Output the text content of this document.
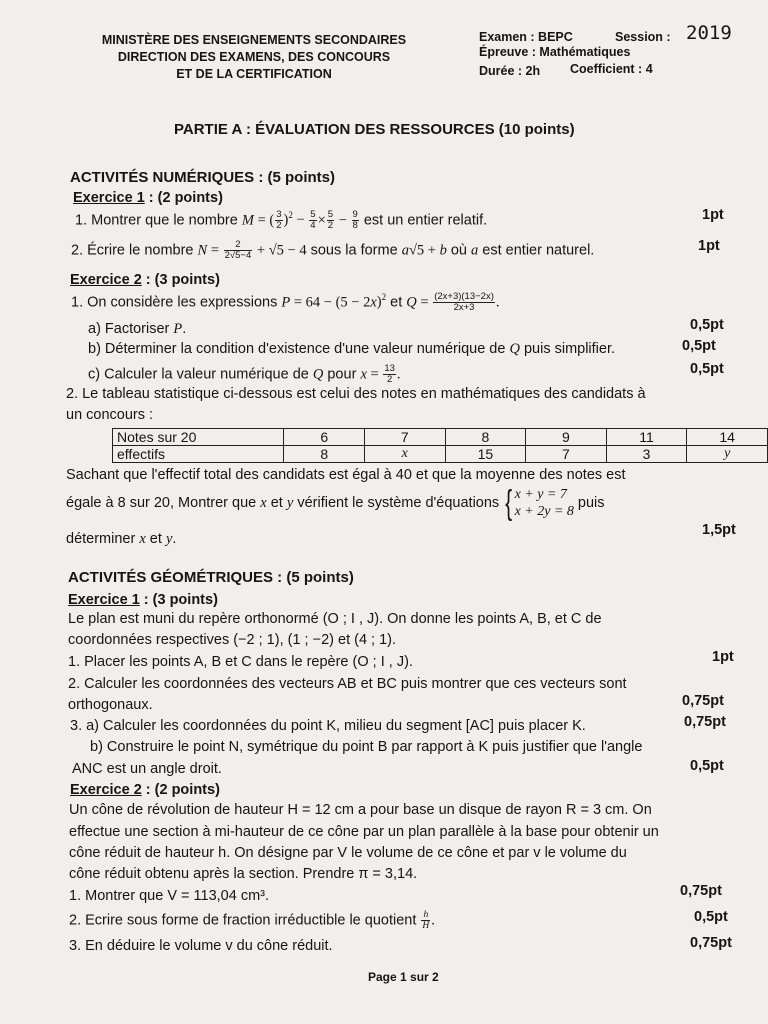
MINISTÈRE DES ENSEIGNEMENTS SECONDAIRES
DIRECTION DES EXAMENS, DES CONCOURS
ET DE LA CERTIFICATION
Examen : BEPC	Session : 2019
Épreuve : Mathématiques
Durée : 2h Coefficient : 4
PARTIE A : ÉVALUATION DES RESSOURCES (10 points)
ACTIVITÉS NUMÉRIQUES : (5 points)
Exercice 1 : (2 points)
1. Montrer que le nombre M = ( $\frac{3}{2} )^2 - \frac{5}{4} \times \frac{5}{2} - \frac{9}{8}$ est un entier relatif.	1pt
2. Écrire le nombre $N = \frac{2}{2√5-4} + √5 - 4$ sous la forme a√5 + b où a est entier naturel.	1pt
Exercice 2 : (3 points)
1. On considère les expressions $P = 64 - (5 - 2x)^2$ et $Q = \frac{(2x+3)(13-2x)}{2x+3}$ .
a) Factoriser P.	0,5pt
b) Déterminer la condition d'existence d'une valeur numérique de Q puis simplifier.	0,5pt
c) Calculer la valeur numérique de Q pour $x = \frac{13}{2}$ .	0,5pt
2. Le tableau statistique ci-dessous est celui des notes en mathématiques des candidats à
un concours :
Notes sur 20	6	7	8	9	11	14
effectifs	8	x	15	7	3	y
Sachant que l'effectif total des candidats est égal à 40 et que la moyenne des notes est
égale à 8 sur 20, Montrer que x et y vérifient le système d'équations { x + y = 7
x + 2y = 8
puis
déterminer x et y.
1,5pt
ACTIVITÉS GÉOMÉTRIQUES : (5 points)
Exercice 1 : (3 points)
Le plan est muni du repère orthonormé (O ; I , J). On donne les points A, B, et C de
coordonnées respectives (−2 ; 1), (1 ; −2) et (4 ; 1).
1. Placer les points A, B et C dans le repère (O ; I , J).	1pt
2. Calculer les coordonnées des vecteurs AB et BC puis montrer que ces vecteurs sont
orthogonaux.	0,75pt
3. a) Calculer les coordonnées du point K, milieu du segment [AC] puis placer K.	0,75pt
b) Construire le point N, symétrique du point B par rapport à K puis justifier que l'angle
ANC est un angle droit.	0,5pt
Exercice 2 : (2 points)
Un cône de révolution de hauteur H = 12 cm a pour base un disque de rayon R = 3 cm. On
effectue une section à mi-hauteur de ce cône par un plan parallèle à la base pour obtenir un
cône réduit de hauteur h. On désigne par V le volume de ce cône et par v le volume du
cône réduit obtenu après la section. Prendre π = 3,14.
1. Montrer que V = 113,04 cm³.	0,75pt
2. Ecrire sous forme de fraction irréductible le quotient $\frac{h}{H}$ .	0,5pt
3. En déduire le volume v du cône réduit.	0,75pt
Page 1 sur 2
